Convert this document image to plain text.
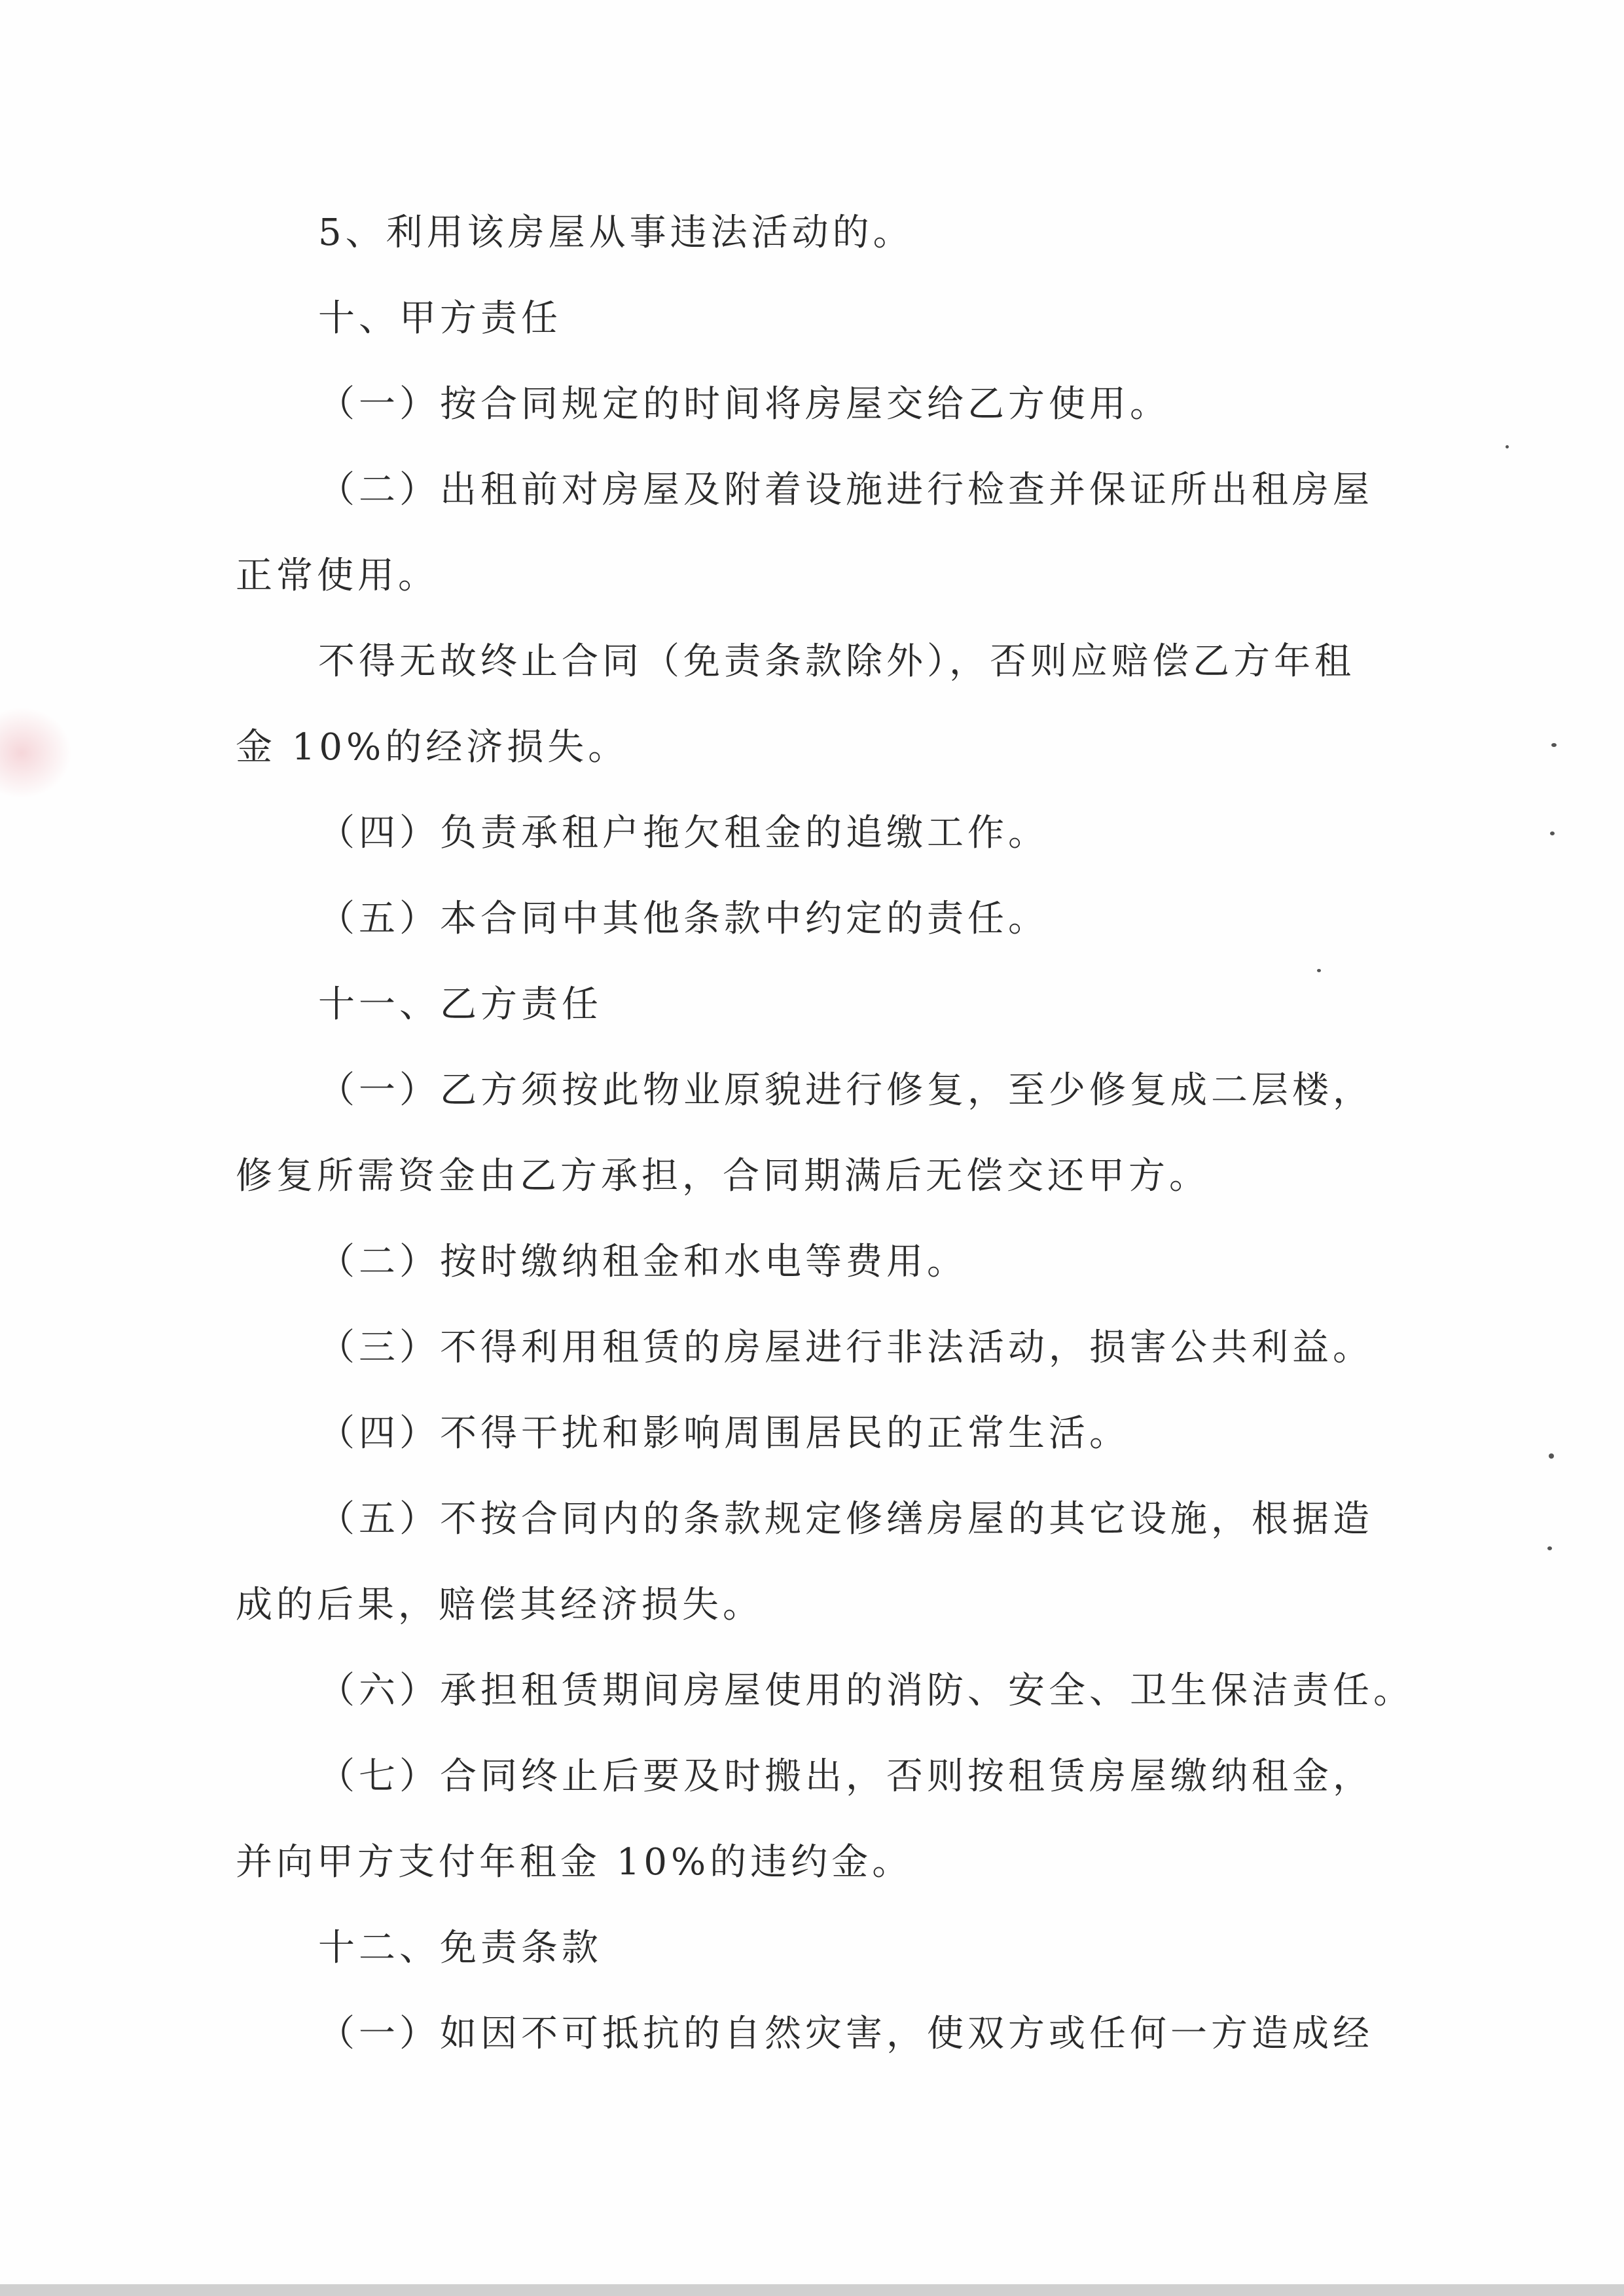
5、利用该房屋从事违法活动的。
十、甲方责任
（一）按合同规定的时间将房屋交给乙方使用。
（二）出租前对房屋及附着设施进行检查并保证所出租房屋
正常使用。
不得无故终止合同（免责条款除外），否则应赔偿乙方年租
金 10%的经济损失。
（四）负责承租户拖欠租金的追缴工作。
（五）本合同中其他条款中约定的责任。
十一、乙方责任
（一）乙方须按此物业原貌进行修复，至少修复成二层楼，
修复所需资金由乙方承担，合同期满后无偿交还甲方。
（二）按时缴纳租金和水电等费用。
（三）不得利用租赁的房屋进行非法活动，损害公共利益。
（四）不得干扰和影响周围居民的正常生活。
（五）不按合同内的条款规定修缮房屋的其它设施，根据造
成的后果，赔偿其经济损失。
（六）承担租赁期间房屋使用的消防、安全、卫生保洁责任。
（七）合同终止后要及时搬出，否则按租赁房屋缴纳租金，
并向甲方支付年租金 10%的违约金。
十二、免责条款
（一）如因不可抵抗的自然灾害，使双方或任何一方造成经
